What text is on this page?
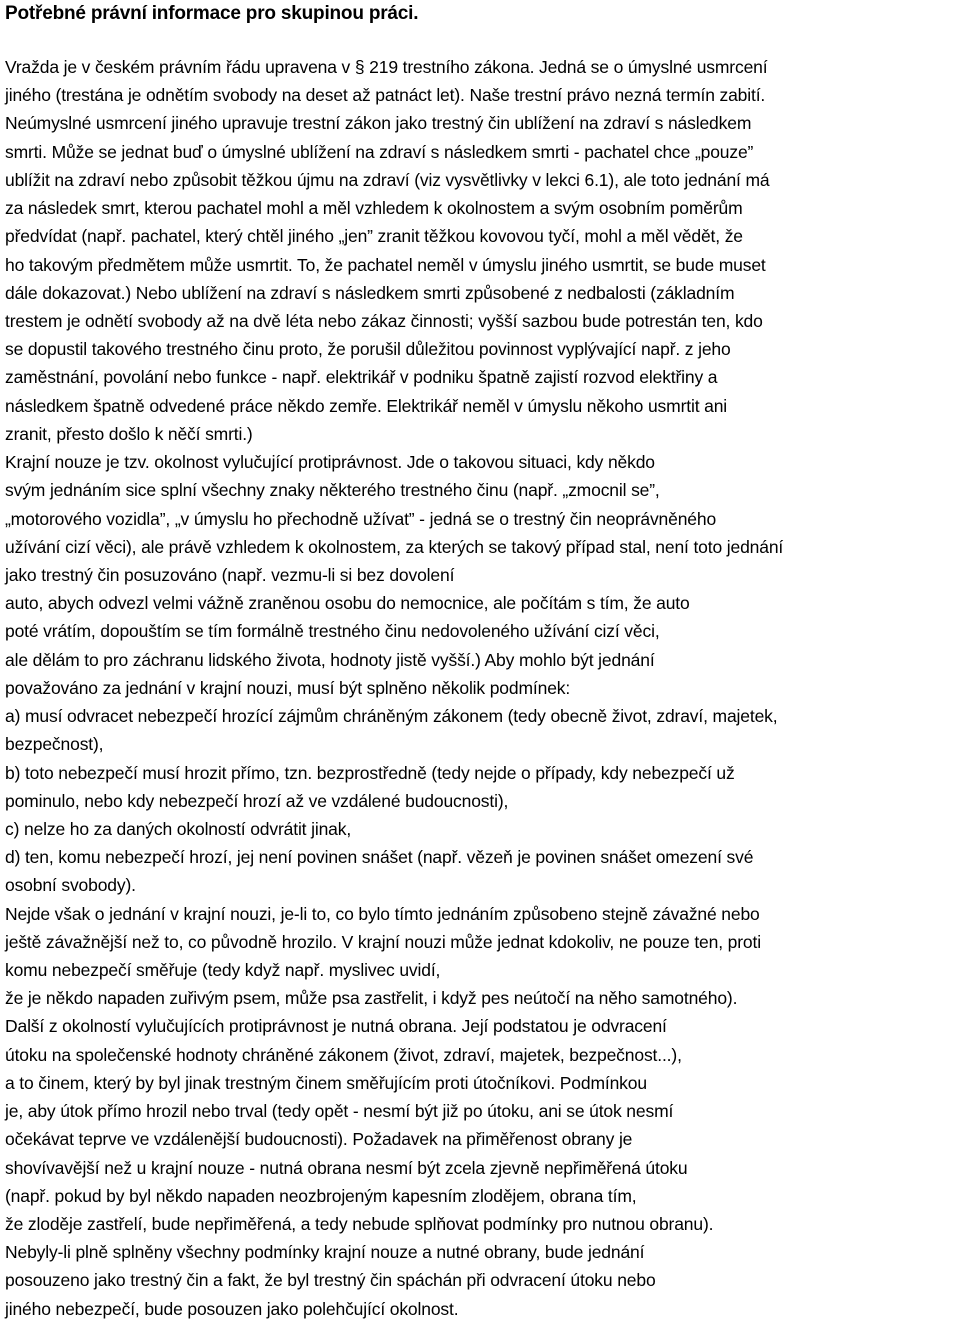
Potřebné právní informace pro skupinou práci.
Vražda je v českém právním řádu upravena v § 219 trestního zákona. Jedná se o úmyslné usmrcení
jiného (trestána je odnětím svobody na deset až patnáct let). Naše trestní právo nezná termín zabití.
Neúmyslné usmrcení jiného upravuje trestní zákon jako trestný čin ublížení na zdraví s následkem
smrti. Může se jednat buď o úmyslné ublížení na zdraví s následkem smrti - pachatel chce „pouze”
ublížit na zdraví nebo způsobit těžkou újmu na zdraví (viz vysvětlivky v lekci 6.1), ale toto jednání má
za následek smrt, kterou pachatel mohl a měl vzhledem k okolnostem a svým osobním poměrům
předvídat (např. pachatel, který chtěl jiného „jen” zranit těžkou kovovou tyčí, mohl a měl vědět, že
ho takovým předmětem může usmrtit. To, že pachatel neměl v úmyslu jiného usmrtit, se bude muset
dále dokazovat.) Nebo ublížení na zdraví s následkem smrti způsobené z nedbalosti (základním
trestem je odnětí svobody až na dvě léta nebo zákaz činnosti; vyšší sazbou bude potrestán ten, kdo
se dopustil takového trestného činu proto, že porušil důležitou povinnost vyplývající např. z jeho
zaměstnání, povolání nebo funkce - např. elektrikář v podniku špatně zajistí rozvod elektřiny a
následkem špatně odvedené práce někdo zemře. Elektrikář neměl v úmyslu někoho usmrtit ani
zranit, přesto došlo k něčí smrti.)
Krajní nouze je tzv. okolnost vylučující protiprávnost. Jde o takovou situaci, kdy někdo
svým jednáním sice splní všechny znaky některého trestného činu (např. „zmocnil se”,
„motorového vozidla”, „v úmyslu ho přechodně užívat” - jedná se o trestný čin neoprávněného
užívání cizí věci), ale právě vzhledem k okolnostem, za kterých se takový případ stal, není toto jednání
jako trestný čin posuzováno (např. vezmu-li si bez dovolení
auto, abych odvezl velmi vážně zraněnou osobu do nemocnice, ale počítám s tím, že auto
poté vrátím, dopouštím se tím formálně trestného činu nedovoleného užívání cizí věci,
ale dělám to pro záchranu lidského života, hodnoty jistě vyšší.) Aby mohlo být jednání
považováno za jednání v krajní nouzi, musí být splněno několik podmínek:
a) musí odvracet nebezpečí hrozící zájmům chráněným zákonem (tedy obecně život, zdraví, majetek,
bezpečnost),
b) toto nebezpečí musí hrozit přímo, tzn. bezprostředně (tedy nejde o případy, kdy nebezpečí už
pominulo, nebo kdy nebezpečí hrozí až ve vzdálené budoucnosti),
c) nelze ho za daných okolností odvrátit jinak,
d) ten, komu nebezpečí hrozí, jej není povinen snášet (např. vězeň je povinen snášet omezení své
osobní svobody).
Nejde však o jednání v krajní nouzi, je-li to, co bylo tímto jednáním způsobeno stejně závažné nebo
ještě závažnější než to, co původně hrozilo. V krajní nouzi může jednat kdokoliv, ne pouze ten, proti
komu nebezpečí směřuje (tedy když např. myslivec uvidí,
že je někdo napaden zuřivým psem, může psa zastřelit, i když pes neútočí na něho samotného).
Další z okolností vylučujících protiprávnost je nutná obrana. Její podstatou je odvracení
útoku na společenské hodnoty chráněné zákonem (život, zdraví, majetek, bezpečnost...),
a to činem, který by byl jinak trestným činem směřujícím proti útočníkovi. Podmínkou
je, aby útok přímo hrozil nebo trval (tedy opět - nesmí být již po útoku, ani se útok nesmí
očekávat teprve ve vzdálenější budoucnosti). Požadavek na přiměřenost obrany je
shovívavější než u krajní nouze - nutná obrana nesmí být zcela zjevně nepřiměřená útoku
(např. pokud by byl někdo napaden neozbrojeným kapesním zlodějem, obrana tím,
že zloděje zastřelí, bude nepřiměřená, a tedy nebude splňovat podmínky pro nutnou obranu).
Nebyly-li plně splněny všechny podmínky krajní nouze a nutné obrany, bude jednání
posouzeno jako trestný čin a fakt, že byl trestný čin spáchán při odvracení útoku nebo
jiného nebezpečí, bude posouzen jako polehčující okolnost.
